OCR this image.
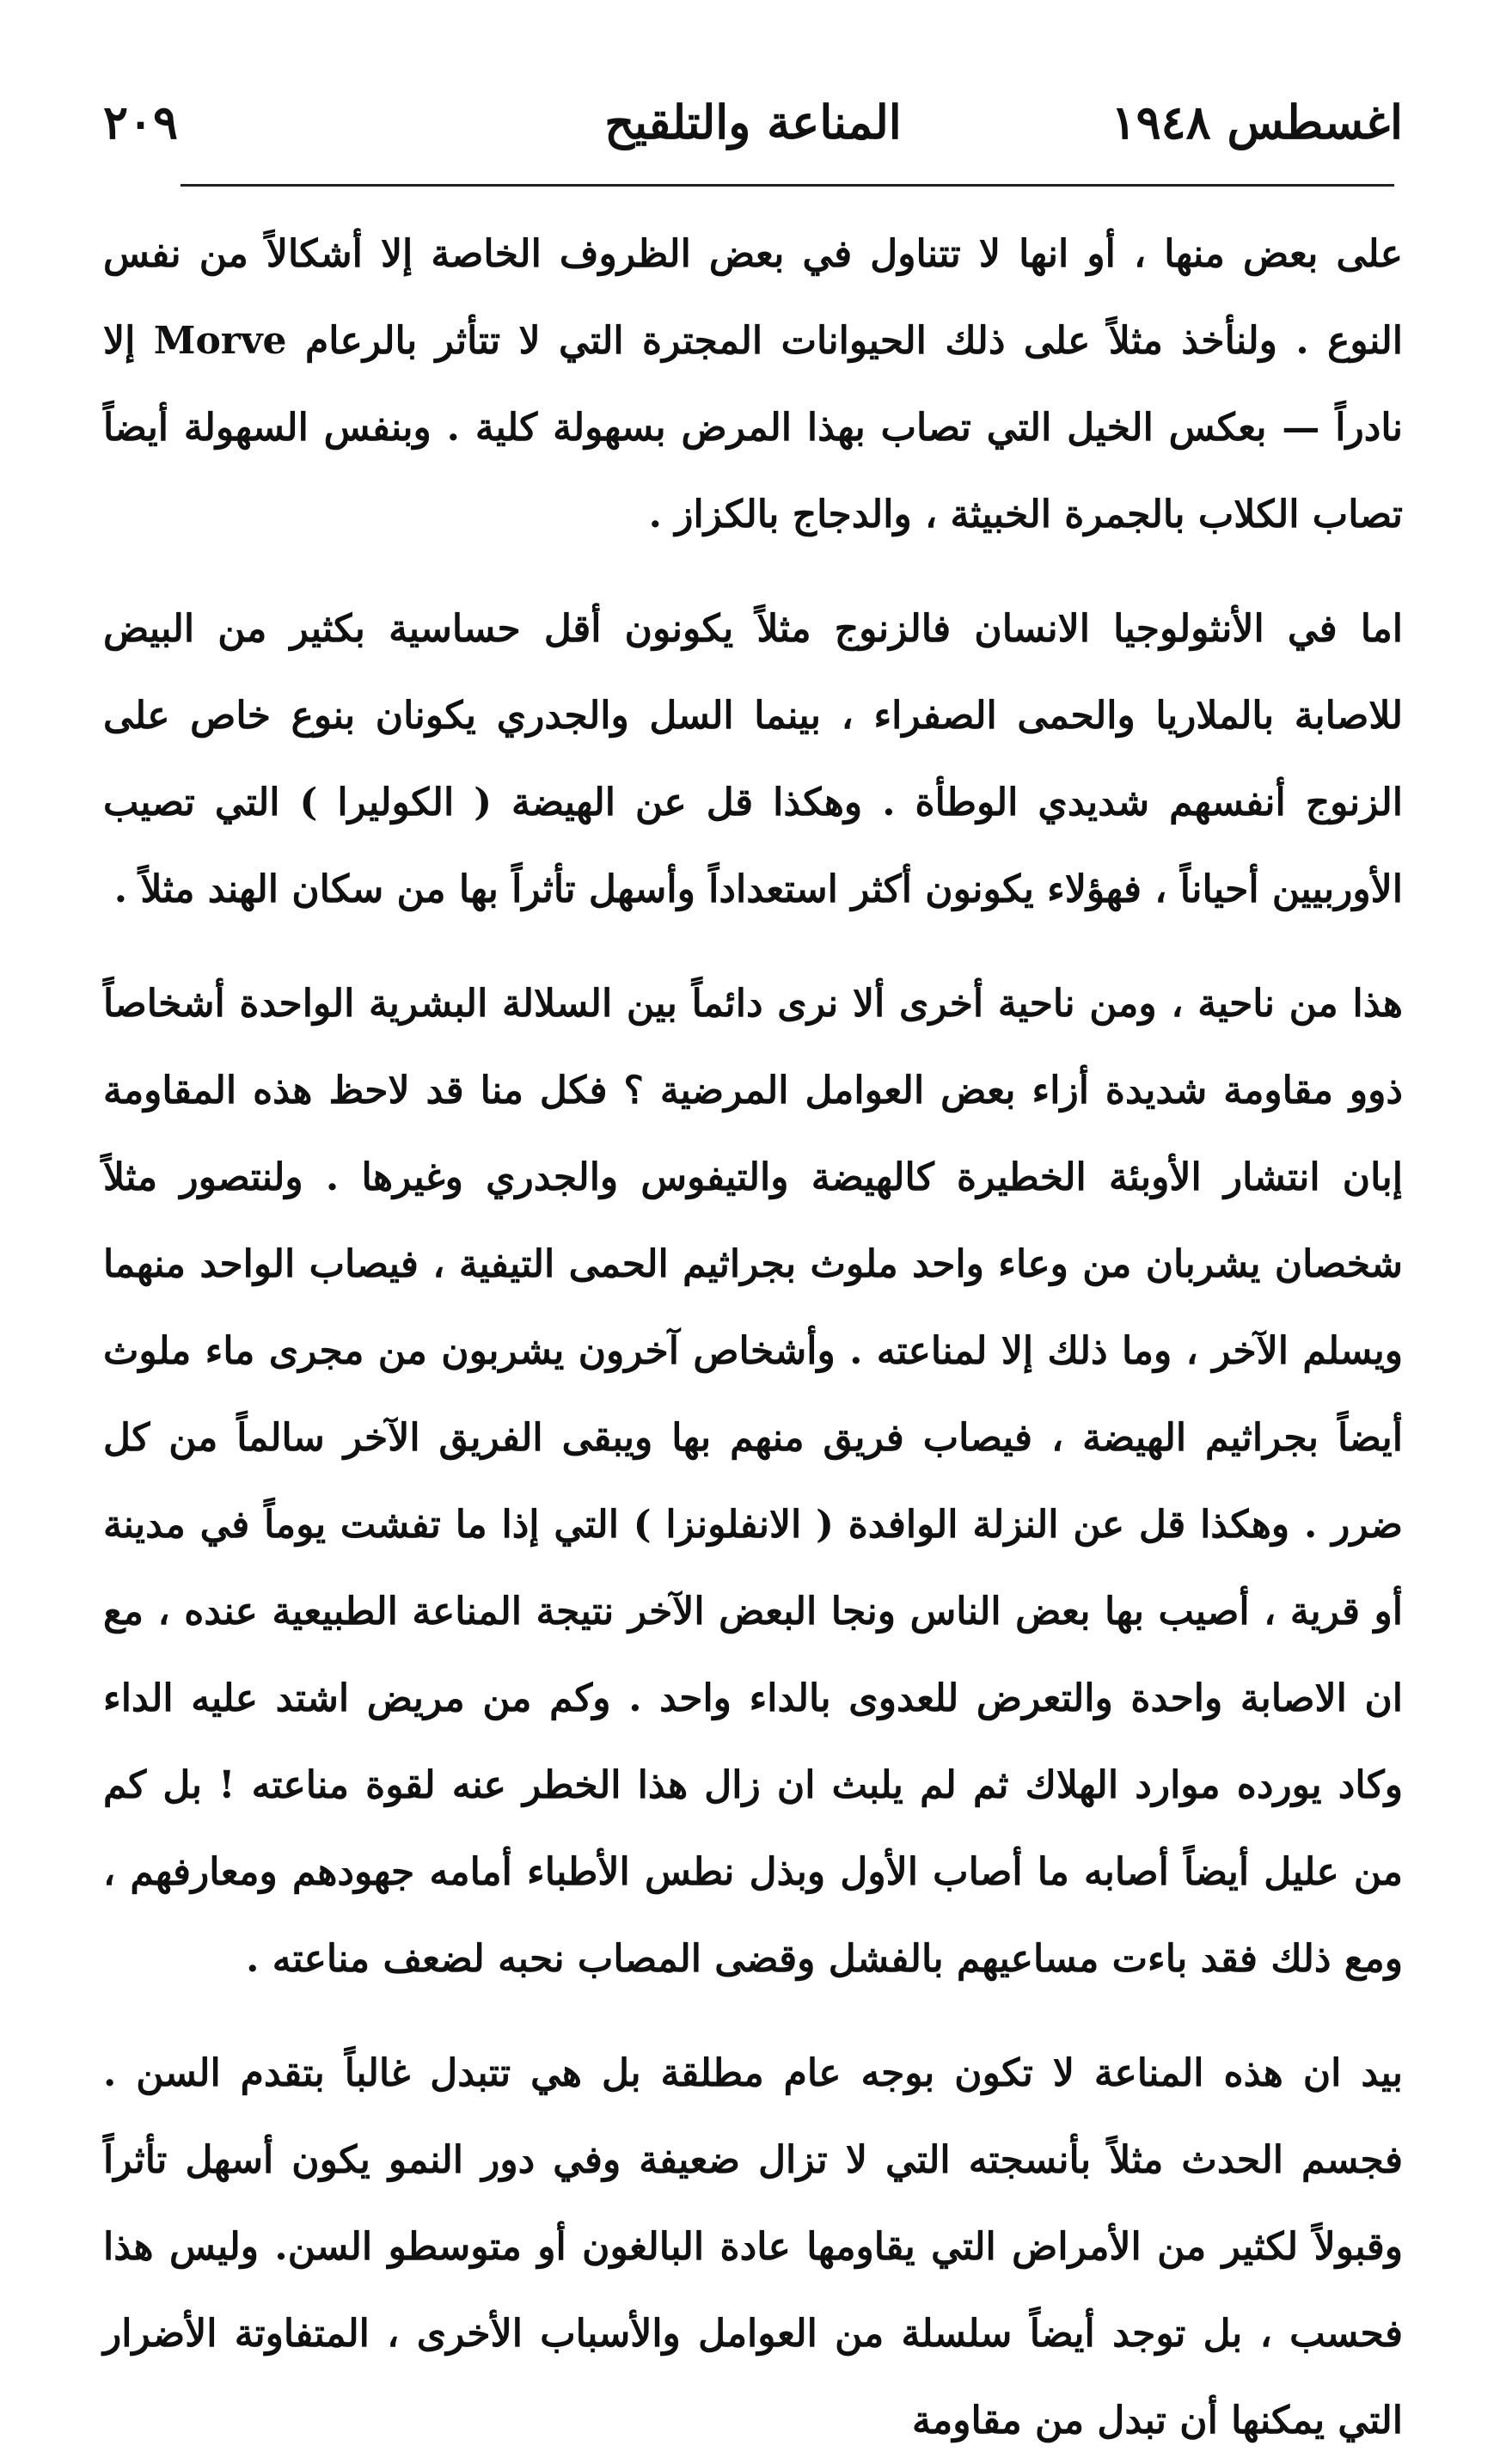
اغسطس ١٩٤٨
المناعة والتلقيح
٢٠٩

على بعض منها ، أو انها لا تتناول في بعض الظروف الخاصة إلا أشكالاً من نفس النوع . ولنأخذ مثلاً على ذلك الحيوانات المجترة التي لا تتأثر بالرعام Morve إلا نادراً — بعكس الخيل التي تصاب بهذا المرض بسهولة كلية . وبنفس السهولة أيضاً تصاب الكلاب بالجمرة الخبيثة ، والدجاج بالكزاز .

اما في الأنثولوجيا الانسان فالزنوج مثلاً يكونون أقل حساسية بكثير من البيض للاصابة بالملاريا والحمى الصفراء ، بينما السل والجدري يكونان بنوع خاص على الزنوج أنفسهم شديدي الوطأة . وهكذا قل عن الهيضة ( الكوليرا ) التي تصيب الأوربيين أحياناً ، فهؤلاء يكونون أكثر استعداداً وأسهل تأثراً بها من سكان الهند مثلاً .

هذا من ناحية ، ومن ناحية أخرى ألا نرى دائماً بين السلالة البشرية الواحدة أشخاصاً ذوو مقاومة شديدة أزاء بعض العوامل المرضية ؟ فكل منا قد لاحظ هذه المقاومة إبان انتشار الأوبئة الخطيرة كالهيضة والتيفوس والجدري وغيرها . ولنتصور مثلاً شخصان يشربان من وعاء واحد ملوث بجراثيم الحمى التيفية ، فيصاب الواحد منهما ويسلم الآخر ، وما ذلك إلا لمناعته . وأشخاص آخرون يشربون من مجرى ماء ملوث أيضاً بجراثيم الهيضة ، فيصاب فريق منهم بها ويبقى الفريق الآخر سالماً من كل ضرر . وهكذا قل عن النزلة الوافدة ( الانفلونزا ) التي إذا ما تفشت يوماً في مدينة أو قرية ، أصيب بها بعض الناس ونجا البعض الآخر نتيجة المناعة الطبيعية عنده ، مع ان الاصابة واحدة والتعرض للعدوى بالداء واحد . وكم من مريض اشتد عليه الداء وكاد يورده موارد الهلاك ثم لم يلبث ان زال هذا الخطر عنه لقوة مناعته ! بل كم من عليل أيضاً أصابه ما أصاب الأول وبذل نطس الأطباء أمامه جهودهم ومعارفهم ، ومع ذلك فقد باءت مساعيهم بالفشل وقضى المصاب نحبه لضعف مناعته .

بيد ان هذه المناعة لا تكون بوجه عام مطلقة بل هي تتبدل غالباً بتقدم السن . فجسم الحدث مثلاً بأنسجته التي لا تزال ضعيفة وفي دور النمو يكون أسهل تأثراً وقبولاً لكثير من الأمراض التي يقاومها عادة البالغون أو متوسطو السن. وليس هذا فحسب ، بل توجد أيضاً سلسلة من العوامل والأسباب الأخرى ، المتفاوتة الأضرار التي يمكنها أن تبدل من مقاومة
